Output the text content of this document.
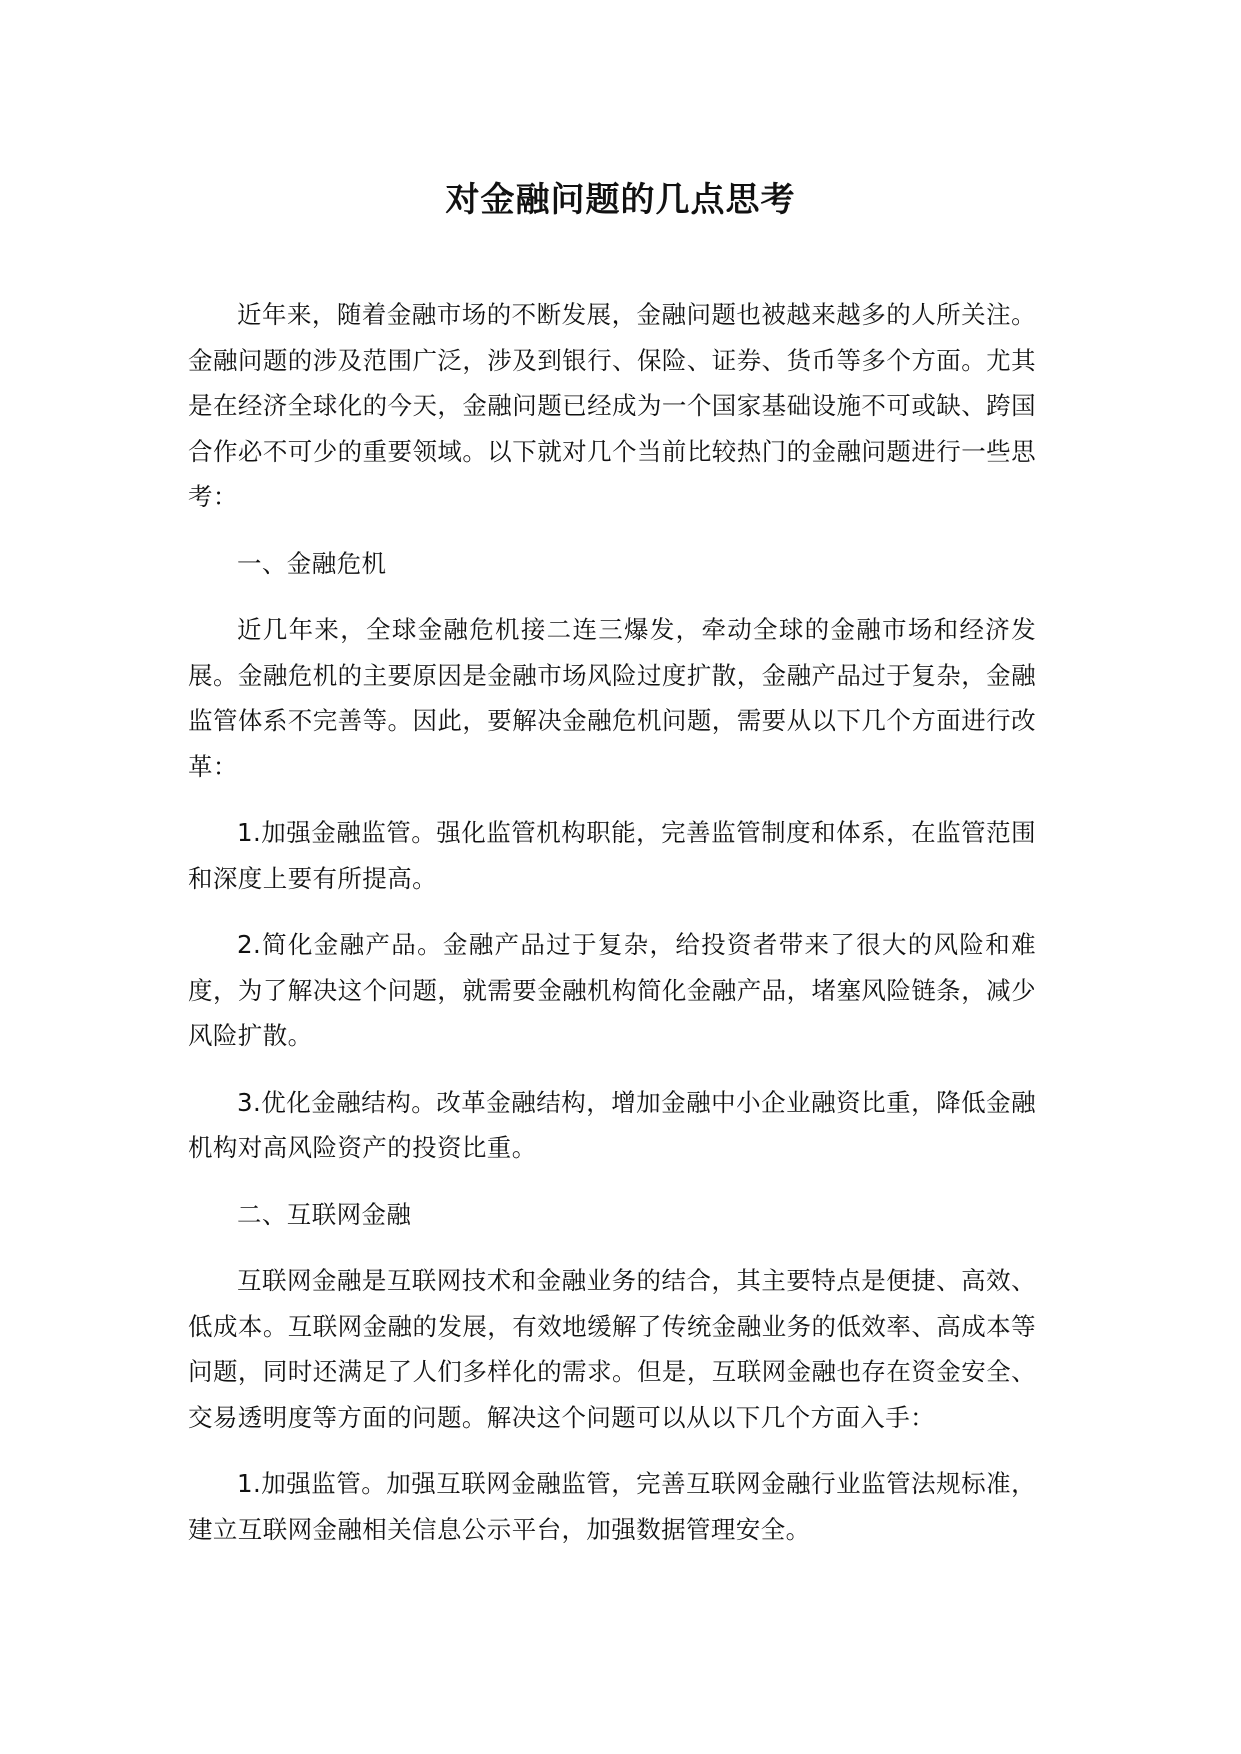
对金融问题的几点思考

近年来，随着金融市场的不断发展，金融问题也被越来越多的人所关注。金融问题的涉及范围广泛，涉及到银行、保险、证券、货币等多个方面。尤其是在经济全球化的今天，金融问题已经成为一个国家基础设施不可或缺、跨国合作必不可少的重要领域。以下就对几个当前比较热门的金融问题进行一些思考：

一、金融危机

近几年来，全球金融危机接二连三爆发，牵动全球的金融市场和经济发展。金融危机的主要原因是金融市场风险过度扩散，金融产品过于复杂，金融监管体系不完善等。因此，要解决金融危机问题，需要从以下几个方面进行改革：

1.加强金融监管。强化监管机构职能，完善监管制度和体系，在监管范围和深度上要有所提高。

2.简化金融产品。金融产品过于复杂，给投资者带来了很大的风险和难度，为了解决这个问题，就需要金融机构简化金融产品，堵塞风险链条，减少风险扩散。

3.优化金融结构。改革金融结构，增加金融中小企业融资比重，降低金融机构对高风险资产的投资比重。

二、互联网金融

互联网金融是互联网技术和金融业务的结合，其主要特点是便捷、高效、低成本。互联网金融的发展，有效地缓解了传统金融业务的低效率、高成本等问题，同时还满足了人们多样化的需求。但是，互联网金融也存在资金安全、交易透明度等方面的问题。解决这个问题可以从以下几个方面入手：

1.加强监管。加强互联网金融监管，完善互联网金融行业监管法规标准，建立互联网金融相关信息公示平台，加强数据管理安全。
